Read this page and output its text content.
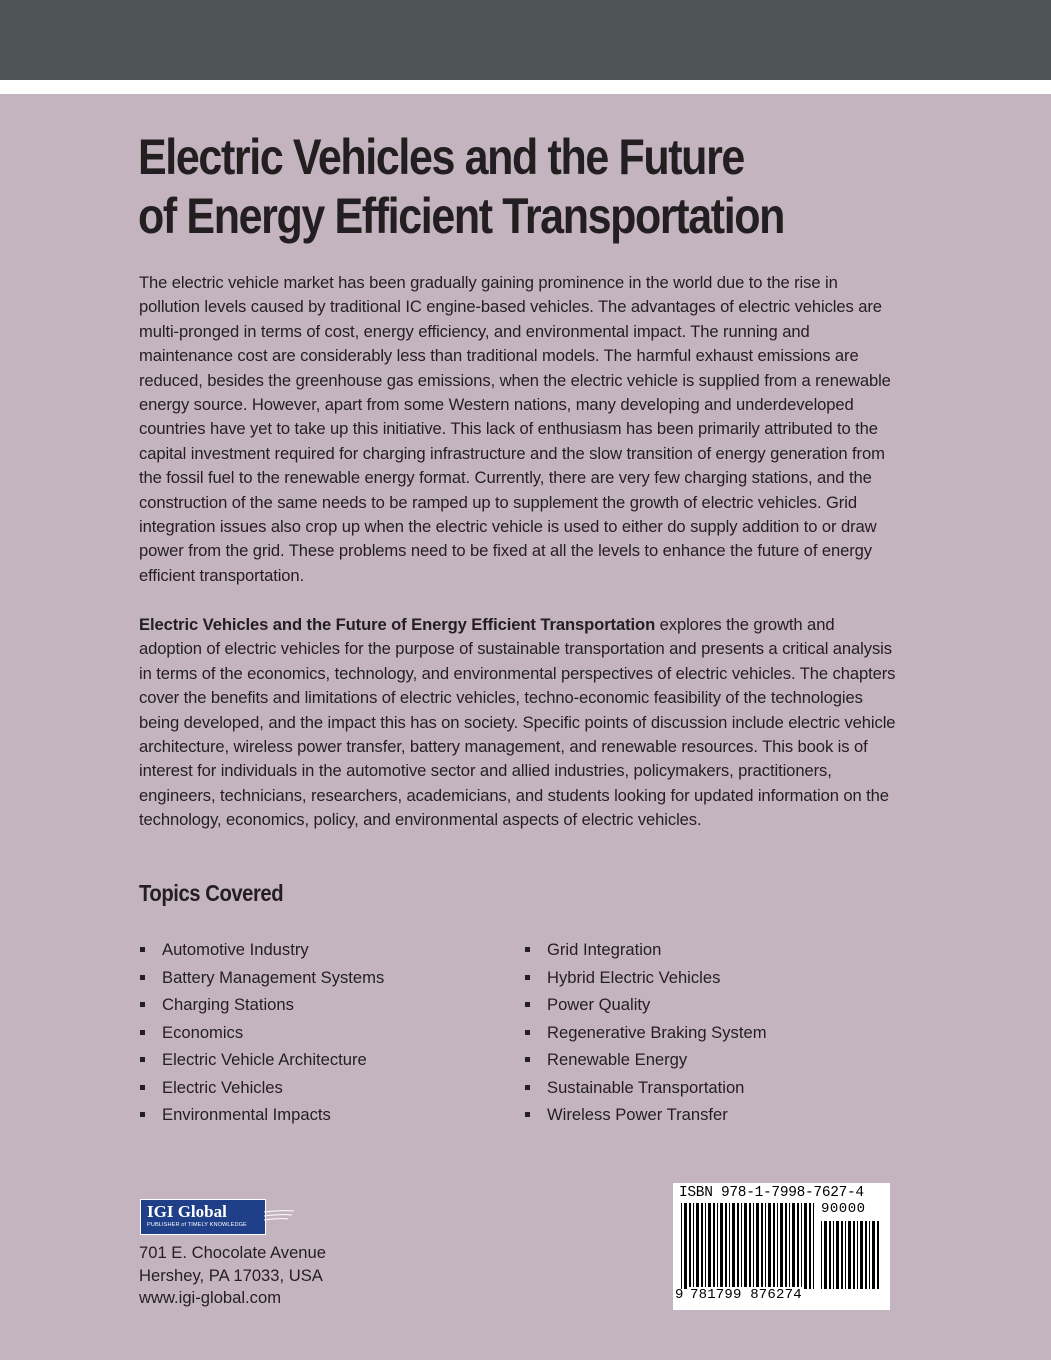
Electric Vehicles and the Future
of Energy Efficient Transportation

The electric vehicle market has been gradually gaining prominence in the world due to the rise in pollution levels caused by traditional IC engine-based vehicles. The advantages of electric vehicles are multi-pronged in terms of cost, energy efficiency, and environmental impact. The running and maintenance cost are considerably less than traditional models. The harmful exhaust emissions are reduced, besides the greenhouse gas emissions, when the electric vehicle is supplied from a renewable energy source. However, apart from some Western nations, many developing and underdeveloped countries have yet to take up this initiative. This lack of enthusiasm has been primarily attributed to the capital investment required for charging infrastructure and the slow transition of energy generation from the fossil fuel to the renewable energy format. Currently, there are very few charging stations, and the construction of the same needs to be ramped up to supplement the growth of electric vehicles. Grid integration issues also crop up when the electric vehicle is used to either do supply addition to or draw power from the grid. These problems need to be fixed at all the levels to enhance the future of energy efficient transportation.

Electric Vehicles and the Future of Energy Efficient Transportation explores the growth and adoption of electric vehicles for the purpose of sustainable transportation and presents a critical analysis in terms of the economics, technology, and environmental perspectives of electric vehicles. The chapters cover the benefits and limitations of electric vehicles, techno-economic feasibility of the technologies being developed, and the impact this has on society. Specific points of discussion include electric vehicle architecture, wireless power transfer, battery management, and renewable resources. This book is of interest for individuals in the automotive sector and allied industries, policymakers, practitioners, engineers, technicians, researchers, academicians, and students looking for updated information on the technology, economics, policy, and environmental aspects of electric vehicles.

Topics Covered
Automotive Industry
Battery Management Systems
Charging Stations
Economics
Electric Vehicle Architecture
Electric Vehicles
Environmental Impacts
Grid Integration
Hybrid Electric Vehicles
Power Quality
Regenerative Braking System
Renewable Energy
Sustainable Transportation
Wireless Power Transfer
IGI Global
PUBLISHER of TIMELY KNOWLEDGE

701 E. Chocolate Avenue
Hershey, PA 17033, USA
www.igi-global.com

ISBN 978-1-7998-7627-4
90000
9 781799 876274
